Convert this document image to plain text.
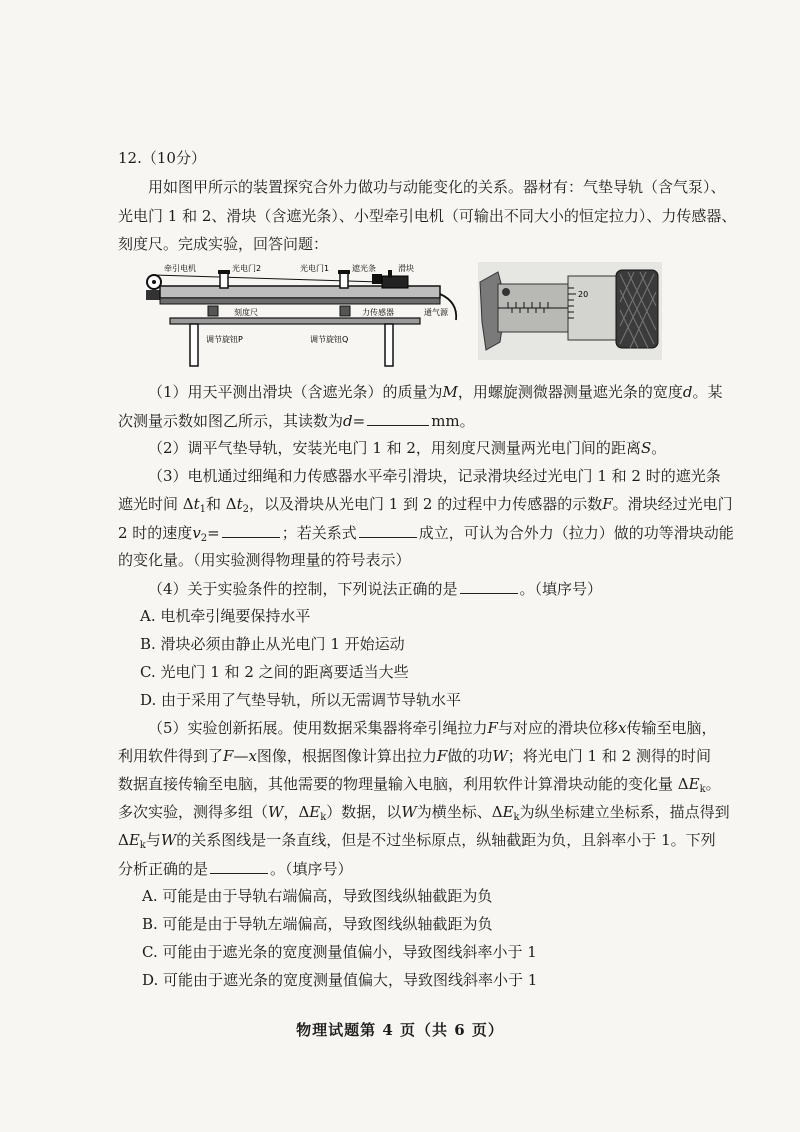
12.（10分）
用如图甲所示的装置探究合外力做功与动能变化的关系。器材有：气垫导轨（含气泵）、
光电门 1 和 2、滑块（含遮光条）、小型牵引电机（可输出不同大小的恒定拉力）、力传感器、
刻度尺。完成实验，回答问题：
牵引电机	光电门2	光电门1	遮光条	滑块
刻度尺	力传感器	通气源
调节旋钮P	调节旋钮Q
20
（1）用天平测出滑块（含遮光条）的质量为M，用螺旋测微器测量遮光条的宽度d。某
次测量示数如图乙所示，其读数为d=	mm。
（2）调平气垫导轨，安装光电门 1 和 2，用刻度尺测量两光电门间的距离S。
（3）电机通过细绳和力传感器水平牵引滑块，记录滑块经过光电门 1 和 2 时的遮光条
遮光时间 $\Delta t_1$和 $\Delta t_2$，以及滑块从光电门 1 到 2 的过程中力传感器的示数F。滑块经过光电门
2 时的速度$v_2=$	；若关系式	成立，可认为合外力（拉力）做的功等滑块动能
的变化量。（用实验测得物理量的符号表示）
（4）关于实验条件的控制，下列说法正确的是	。（填序号）
A. 电机牵引绳要保持水平
B. 滑块必须由静止从光电门 1 开始运动
C. 光电门 1 和 2 之间的距离要适当大些
D. 由于采用了气垫导轨，所以无需调节导轨水平
（5）实验创新拓展。使用数据采集器将牵引绳拉力F与对应的滑块位移x传输至电脑，
利用软件得到了F—x图像，根据图像计算出拉力F做的功W；将光电门 1 和 2 测得的时间
数据直接传输至电脑，其他需要的物理量输入电脑，利用软件计算滑块动能的变化量 $\Delta E_k$。
多次实验，测得多组（W，$\Delta E_k$）数据，以W为横坐标、$\Delta E_k$为纵坐标建立坐标系，描点得到
$\Delta E_k$与W的关系图线是一条直线，但是不过坐标原点，纵轴截距为负，且斜率小于 1。下列
分析正确的是	。（填序号）
A. 可能是由于导轨右端偏高，导致图线纵轴截距为负
B. 可能是由于导轨左端偏高，导致图线纵轴截距为负
C. 可能由于遮光条的宽度测量值偏小，导致图线斜率小于 1
D. 可能由于遮光条的宽度测量值偏大，导致图线斜率小于 1
物理试题第 4 页（共 6 页）
